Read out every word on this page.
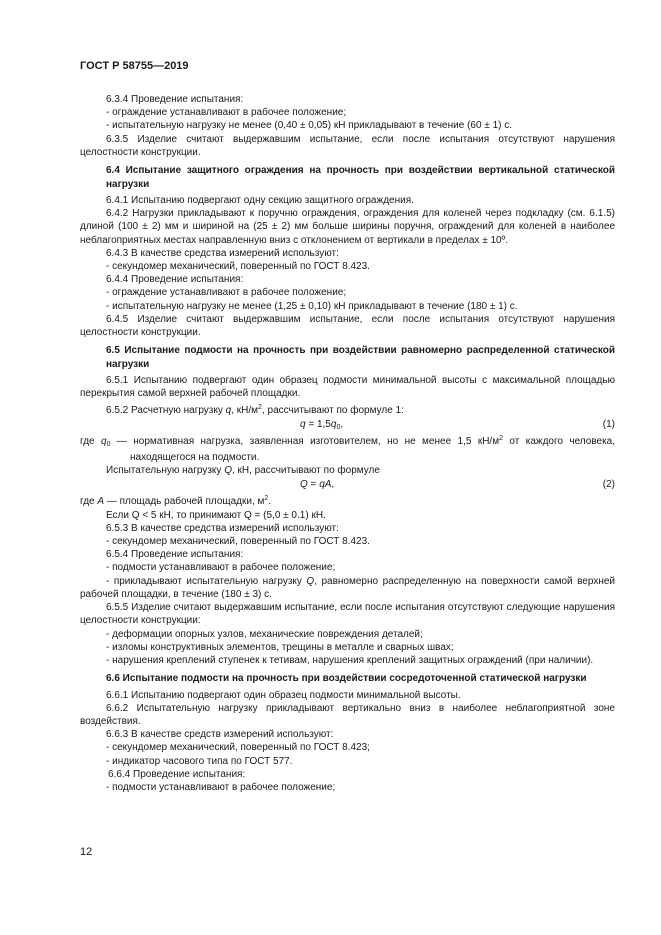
ГОСТ Р 58755—2019

6.3.4 Проведение испытания:

- ограждение устанавливают в рабочее положение;

- испытательную нагрузку не менее (0,40 ± 0,05) кН прикладывают в течение (60 ± 1) с.

6.3.5 Изделие считают выдержавшим испытание, если после испытания отсутствуют нарушения целостности конструкции.

6.4 Испытание защитного ограждения на прочность при воздействии вертикальной статической нагрузки

6.4.1 Испытанию подвергают одну секцию защитного ограждения.

6.4.2 Нагрузки прикладывают к поручню ограждения, ограждения для коленей через подкладку (см. 6.1.5) длиной (100 ± 2) мм и шириной на (25 ± 2) мм больше ширины поручня, ограждений для коленей в наиболее неблагоприятных местах направленную вниз с отклонением от вертикали в пределах ± 10º.

6.4.3 В качестве средства измерений используют:

- секундомер механический, поверенный по ГОСТ 8.423.

6.4.4 Проведение испытания:

- ограждение устанавливают в рабочее положение;

- испытательную нагрузку не менее (1,25 ± 0,10) кН прикладывают в течение (180 ± 1) с.

6.4.5 Изделие считают выдержавшим испытание, если после испытания отсутствуют нарушения целостности конструкции.

6.5 Испытание подмости на прочность при воздействии равномерно распределенной статической нагрузки

6.5.1 Испытанию подвергают один образец подмости минимальной высоты с максимальной площадью перекрытия самой верхней рабочей площадки.

6.5.2 Расчетную нагрузку q, $кН/м^2$, рассчитывают по формуле 1:

$q = 1,5q_0$,	(1)

где $q_0$ — нормативная нагрузка, заявленная изготовителем, но не менее 1,5 $кН/м^2$ от каждого человека, находящегося на подмости.

Испытательную нагрузку Q, кН, рассчитывают по формуле

Q = qA,	(2)

где А — площадь рабочей площадки, $м^2$.

Если Q < 5 кН, то принимают Q = (5,0 ± 0.1) кН.

6.5.3 В качестве средства измерений используют:

- секундомер механический, поверенный по ГОСТ 8.423.

6.5.4 Проведение испытания:

- подмости устанавливают в рабочее положение;

- прикладывают испытательную нагрузку Q, равномерно распределенную на поверхности самой верхней рабочей площадки, в течение (180 ± 3) с.

6.5.5 Изделие считают выдержавшим испытание, если после испытания отсутствуют следующие нарушения целостности конструкции:

- деформации опорных узлов, механические повреждения деталей;

- изломы конструктивных элементов, трещины в металле и сварных швах;

- нарушения креплений ступенек к тетивам, нарушения креплений защитных ограждений (при наличии).

6.6 Испытание подмости на прочность при воздействии сосредоточенной статической нагрузки

6.6.1 Испытанию подвергают один образец подмости минимальной высоты.

6.6.2 Испытательную нагрузку прикладывают вертикально вниз в наиболее неблагоприятной зоне воздействия.

6.6.3 В качестве средств измерений используют:

- секундомер механический, поверенный по ГОСТ 8.423;

- индикатор часового типа по ГОСТ 577.

6.6.4 Проведение испытания:

- подмости устанавливают в рабочее положение;

12
